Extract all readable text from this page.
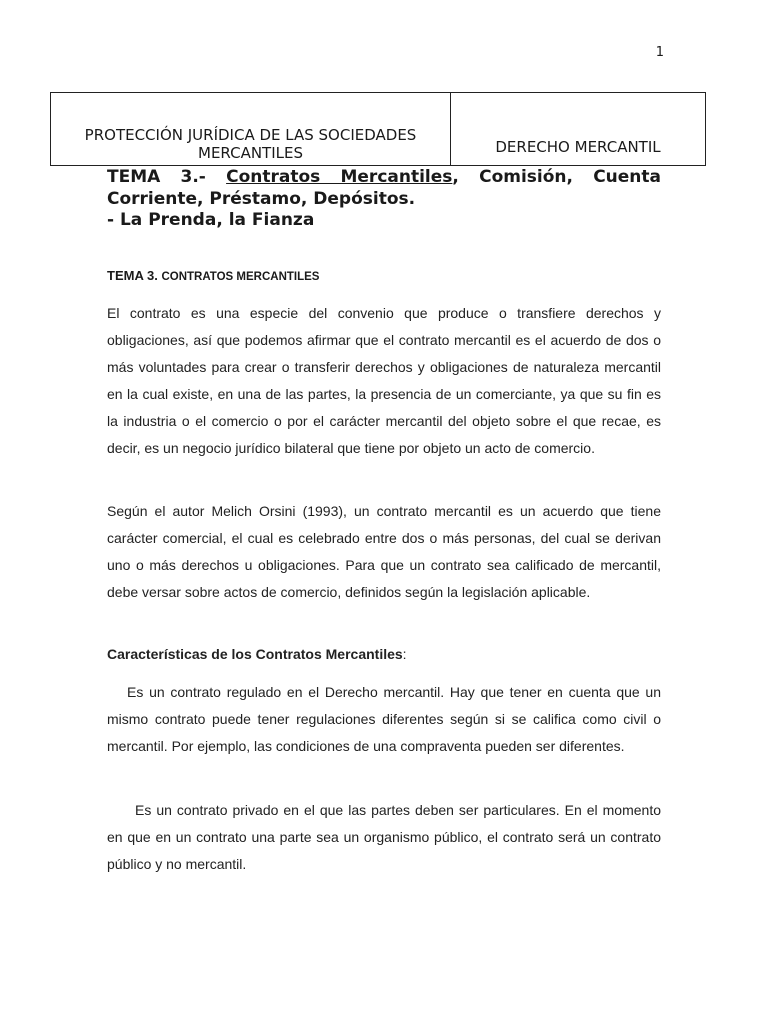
1
PROTECCIÓN JURÍDICA DE LAS SOCIEDADES
MERCANTILES	DERECHO MERCANTIL
TEMA 3.- Contratos Mercantiles, Comisión, Cuenta
Corriente, Préstamo, Depósitos.
- La Prenda, la Fianza

TEMA 3. CONTRATOS MERCANTILES

El contrato es una especie del convenio que produce o transfiere derechos y obligaciones, así que podemos afirmar que el contrato mercantil es el acuerdo de dos o más voluntades para crear o transferir derechos y obligaciones de naturaleza mercantil en la cual existe, en una de las partes, la presencia de un comerciante, ya que su fin es la industria o el comercio o por el carácter mercantil del objeto sobre el que recae, es decir, es un negocio jurídico bilateral que tiene por objeto un acto de comercio.

Según el autor Melich Orsini (1993), un contrato mercantil es un acuerdo que tiene carácter comercial, el cual es celebrado entre dos o más personas, del cual se derivan uno o más derechos u obligaciones. Para que un contrato sea calificado de mercantil, debe versar sobre actos de comercio, definidos según la legislación aplicable.

Características de los Contratos Mercantiles:

Es un contrato regulado en el Derecho mercantil. Hay que tener en cuenta que un mismo contrato puede tener regulaciones diferentes según si se califica como civil o mercantil. Por ejemplo, las condiciones de una compraventa pueden ser diferentes.

Es un contrato privado en el que las partes deben ser particulares. En el momento en que en un contrato una parte sea un organismo público, el contrato será un contrato público y no mercantil.
